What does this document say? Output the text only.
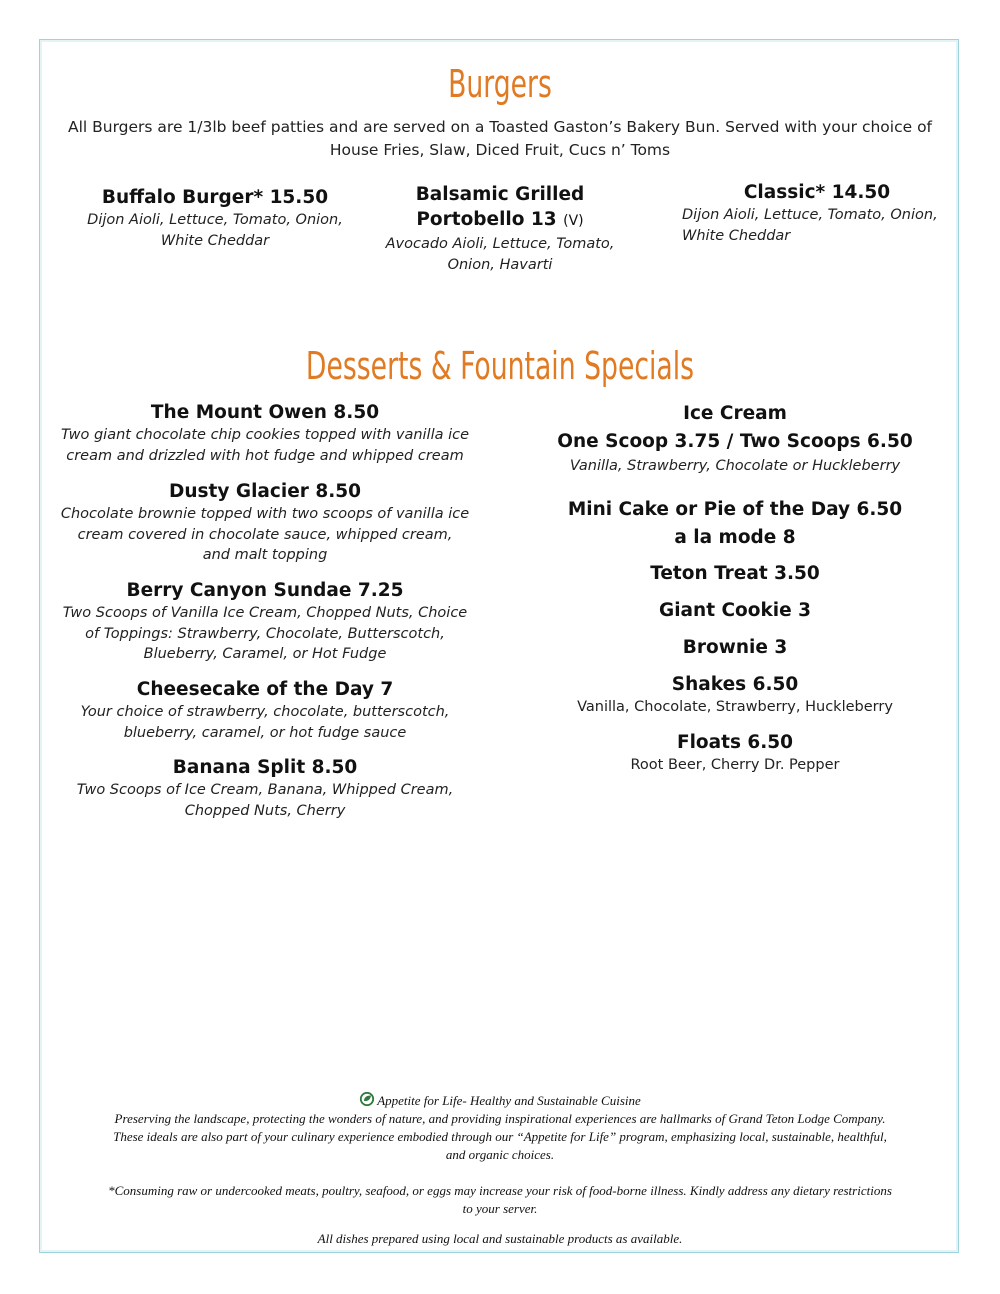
Burgers
All Burgers are 1/3lb beef patties and are served on a Toasted Gaston’s Bakery Bun. Served with your choice of
House Fries, Slaw, Diced Fruit, Cucs n’ Toms
Buffalo Burger* 15.50
Dijon Aioli, Lettuce, Tomato, Onion,
White Cheddar
Balsamic Grilled
Portobello 13 (V)
Avocado Aioli, Lettuce, Tomato,
Onion, Havarti
Classic* 14.50
Dijon Aioli, Lettuce, Tomato, Onion,
White Cheddar
Desserts & Fountain Specials
The Mount Owen 8.50
Two giant chocolate chip cookies topped with vanilla ice
cream and drizzled with hot fudge and whipped cream
Dusty Glacier 8.50
Chocolate brownie topped with two scoops of vanilla ice
cream covered in chocolate sauce, whipped cream,
and malt topping
Berry Canyon Sundae 7.25
Two Scoops of Vanilla Ice Cream, Chopped Nuts, Choice
of Toppings: Strawberry, Chocolate, Butterscotch,
Blueberry, Caramel, or Hot Fudge
Cheesecake of the Day 7
Your choice of strawberry, chocolate, butterscotch,
blueberry, caramel, or hot fudge sauce
Banana Split 8.50
Two Scoops of Ice Cream, Banana, Whipped Cream,
Chopped Nuts, Cherry
Ice Cream
One Scoop 3.75 / Two Scoops 6.50
Vanilla, Strawberry, Chocolate or Huckleberry
Mini Cake or Pie of the Day 6.50
a la mode 8
Teton Treat 3.50
Giant Cookie 3
Brownie 3
Shakes 6.50
Vanilla, Chocolate, Strawberry, Huckleberry
Floats 6.50
Root Beer, Cherry Dr. Pepper
Appetite for Life- Healthy and Sustainable Cuisine
Preserving the landscape, protecting the wonders of nature, and providing inspirational experiences are hallmarks of Grand Teton Lodge Company.
These ideals are also part of your culinary experience embodied through our “Appetite for Life” program, emphasizing local, sustainable, healthful,
and organic choices.
*Consuming raw or undercooked meats, poultry, seafood, or eggs may increase your risk of food-borne illness. Kindly address any dietary restrictions
to your server.
All dishes prepared using local and sustainable products as available.
